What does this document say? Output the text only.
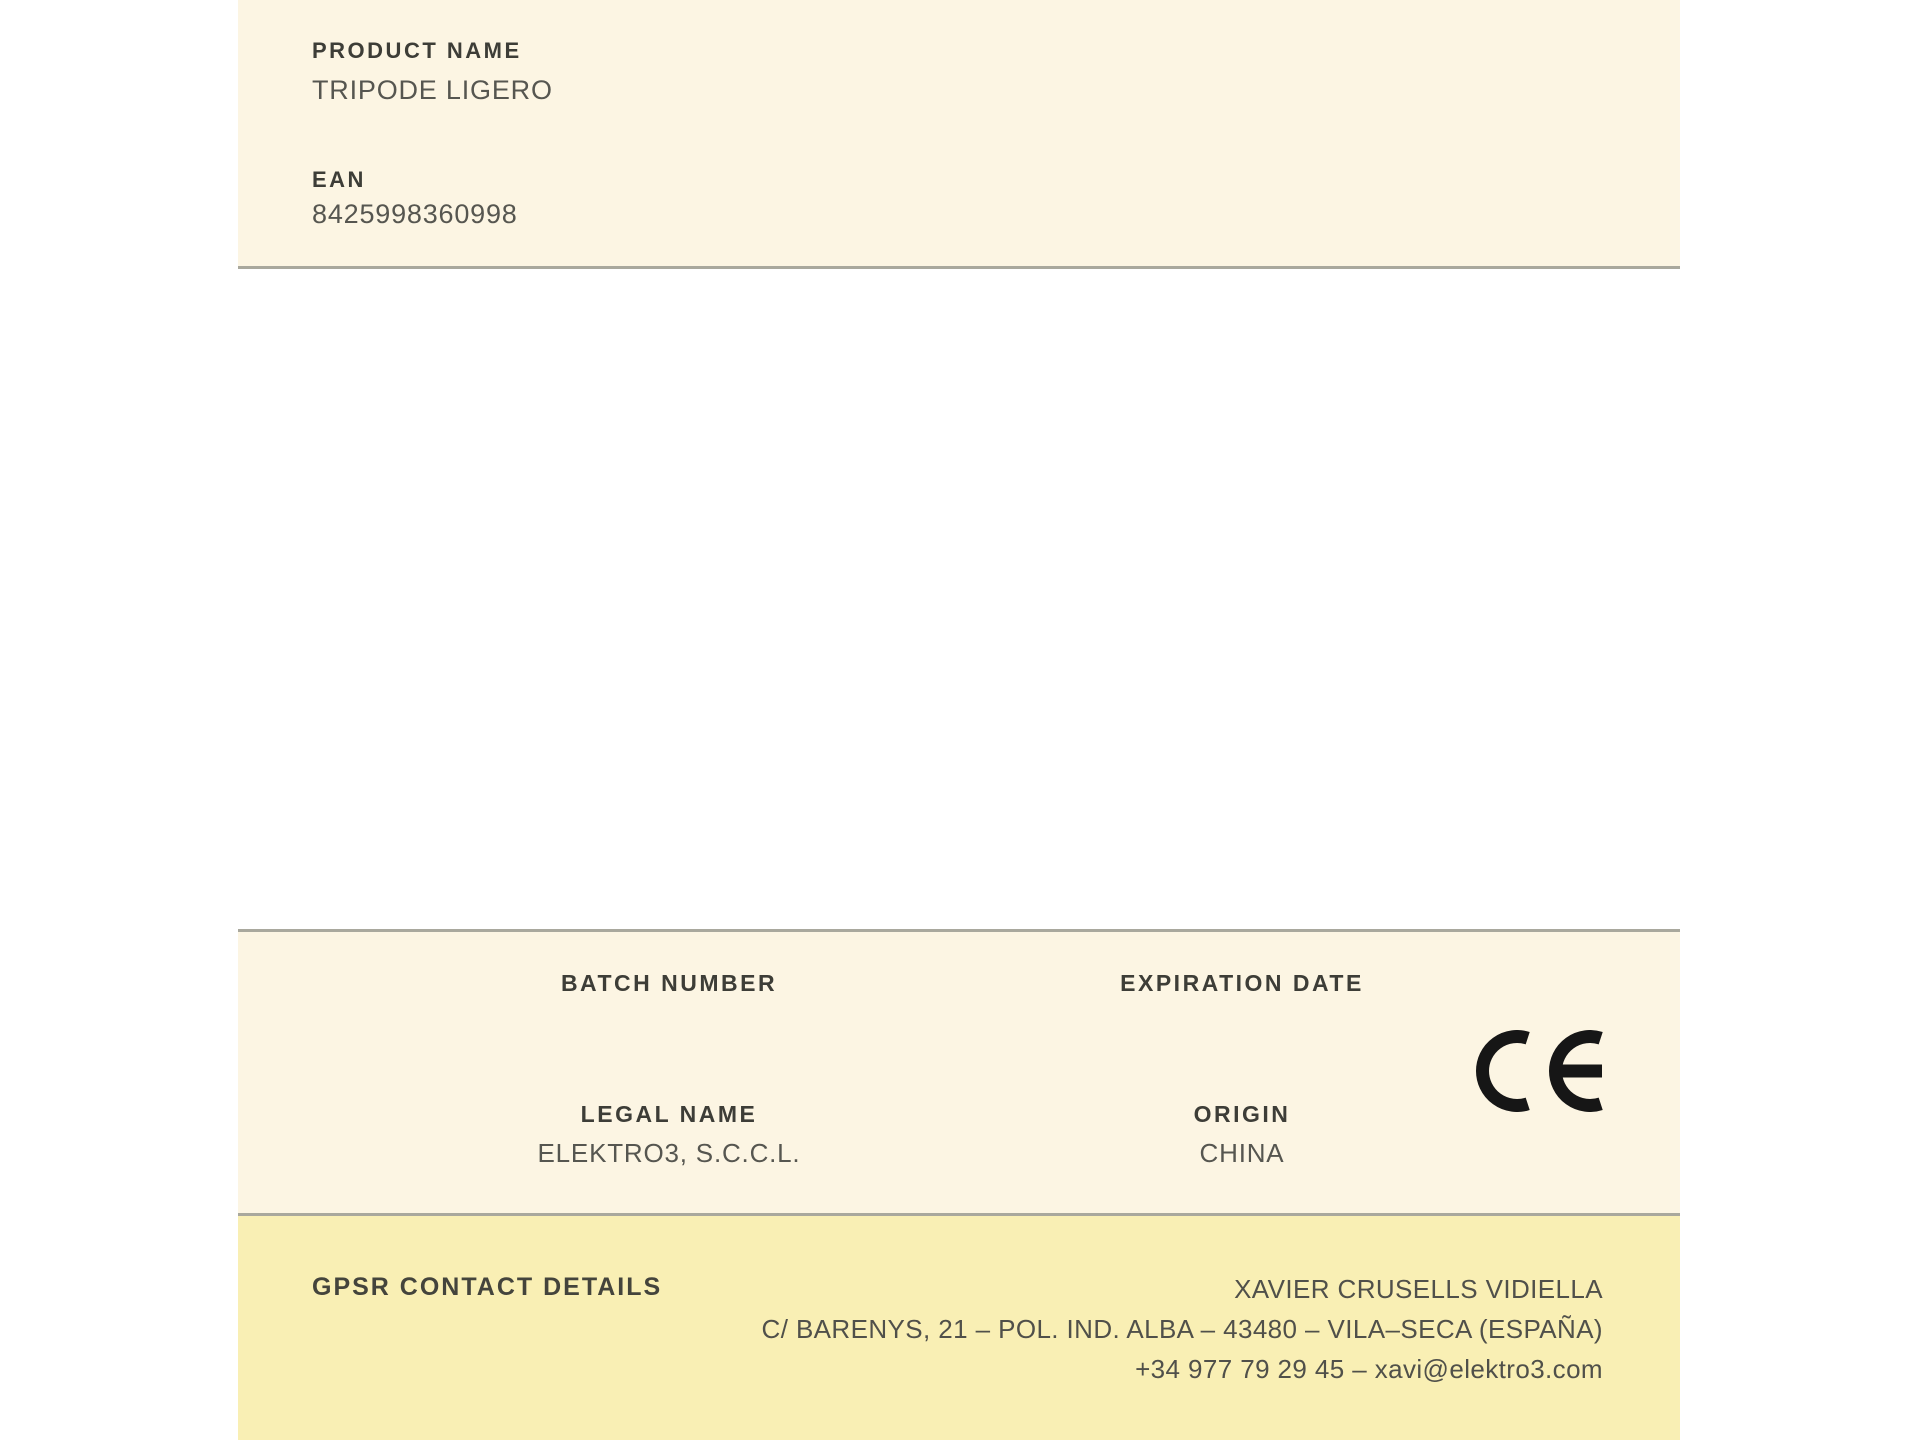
PRODUCT NAME
TRIPODE LIGERO
EAN
8425998360998
BATCH NUMBER	EXPIRATION DATE
LEGAL NAME
ELEKTRO3, S.C.C.L.
ORIGIN
CHINA
GPSR CONTACT DETAILS	XAVIER CRUSELLS VIDIELLA
C/ BARENYS, 21 – POL. IND. ALBA – 43480 – VILA–SECA (ESPAÑA)
+34 977 79 29 45 – xavi@elektro3.com
